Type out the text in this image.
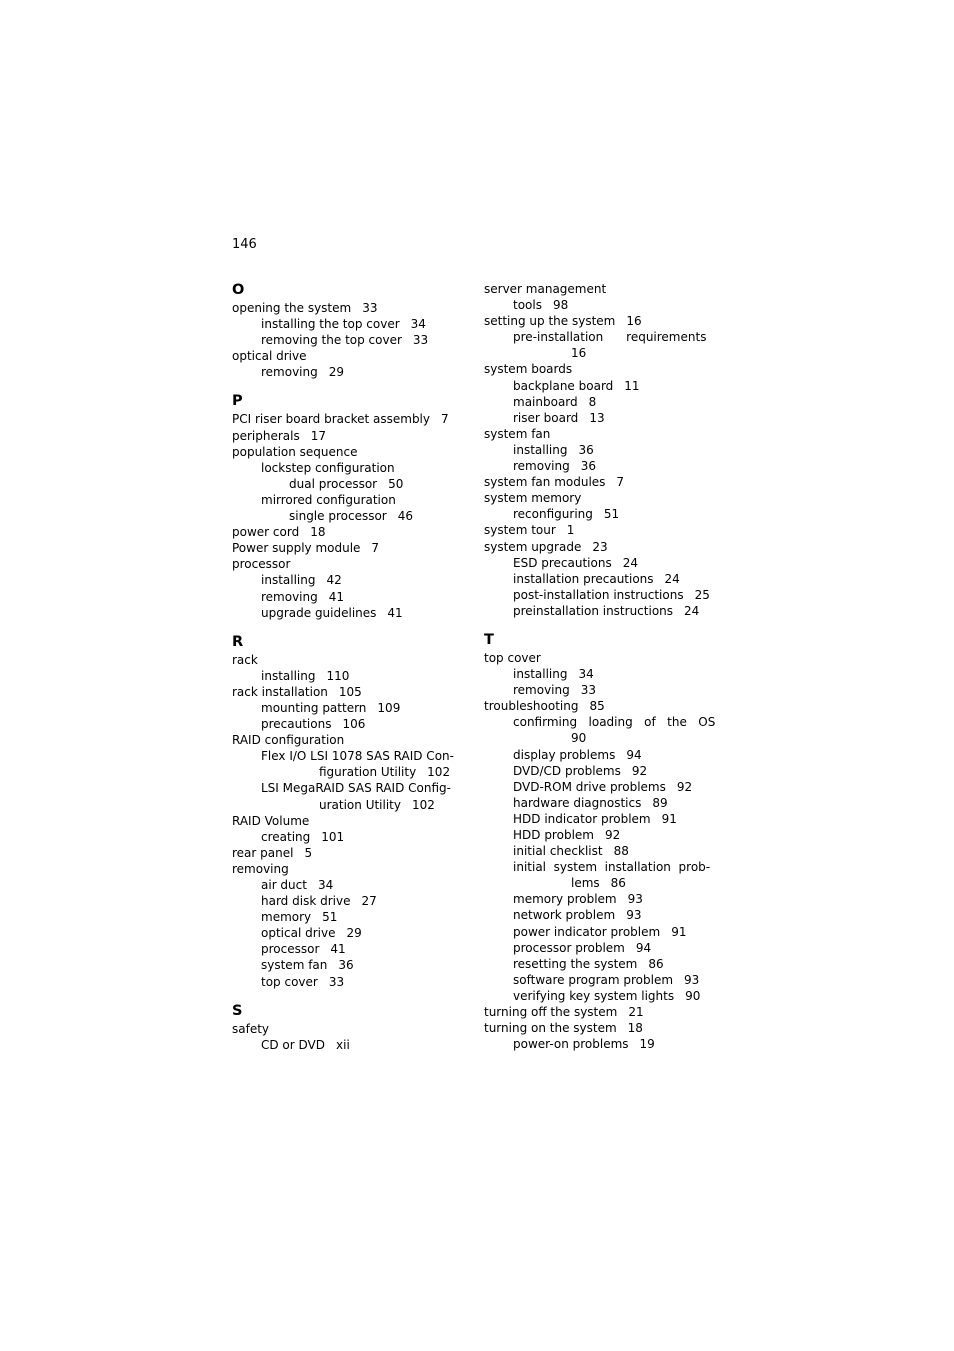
146
O
opening the system 33
installing the top cover 34
removing the top cover 33
optical drive
removing 29
P
PCI riser board bracket assembly 7
peripherals 17
population sequence
lockstep configuration
dual processor 50
mirrored configuration
single processor 46
power cord 18
Power supply module 7
processor
installing 42
removing 41
upgrade guidelines 41
R
rack
installing 110
rack installation 105
mounting pattern 109
precautions 106
RAID configuration
Flex I/O LSI 1078 SAS RAID Con-
figuration Utility 102
LSI MegaRAID SAS RAID Config-
uration Utility 102
RAID Volume
creating 101
rear panel 5
removing
air duct 34
hard disk drive 27
memory 51
optical drive 29
processor 41
system fan 36
top cover 33
S
safety
CD or DVD xii
server management
tools 98
setting up the system 16
pre-installation      requirements
16
system boards
backplane board 11
mainboard 8
riser board 13
system fan
installing 36
removing 36
system fan modules 7
system memory
reconfiguring 51
system tour 1
system upgrade 23
ESD precautions 24
installation precautions 24
post-installation instructions 25
preinstallation instructions 24
T
top cover
installing 34
removing 33
troubleshooting 85
confirming   loading   of   the   OS
90
display problems 94
DVD/CD problems 92
DVD-ROM drive problems 92
hardware diagnostics 89
HDD indicator problem 91
HDD problem 92
initial checklist 88
initial  system  installation  prob-
lems 86
memory problem 93
network problem 93
power indicator problem 91
processor problem 94
resetting the system 86
software program problem 93
verifying key system lights 90
turning off the system 21
turning on the system 18
power-on problems 19
